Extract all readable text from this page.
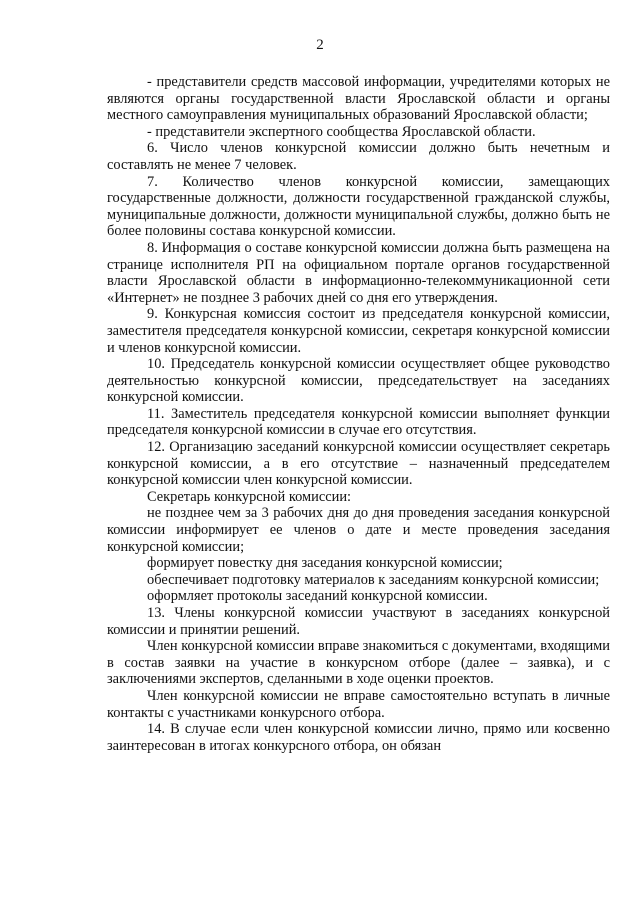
2

- представители средств массовой информации, учредителями которых не являются органы государственной власти Ярославской области и органы местного самоуправления муниципальных образований Ярославской области;

- представители экспертного сообщества Ярославской области.

6. Число членов конкурсной комиссии должно быть нечетным и составлять не менее 7 человек.

7. Количество членов конкурсной комиссии, замещающих государственные должности, должности государственной гражданской службы, муниципальные должности, должности муниципальной службы, должно быть не более половины состава конкурсной комиссии.

8. Информация о составе конкурсной комиссии должна быть размещена на странице исполнителя РП на официальном портале органов государственной власти Ярославской области в информационно-телекоммуникационной сети «Интернет» не позднее 3 рабочих дней со дня его утверждения.

9. Конкурсная комиссия состоит из председателя конкурсной комиссии, заместителя председателя конкурсной комиссии, секретаря конкурсной комиссии и членов конкурсной комиссии.

10. Председатель конкурсной комиссии осуществляет общее руководство деятельностью конкурсной комиссии, председательствует на заседаниях конкурсной комиссии.

11. Заместитель председателя конкурсной комиссии выполняет функции председателя конкурсной комиссии в случае его отсутствия.

12. Организацию заседаний конкурсной комиссии осуществляет секретарь конкурсной комиссии, а в его отсутствие – назначенный председателем конкурсной комиссии член конкурсной комиссии.

Секретарь конкурсной комиссии:

не позднее чем за 3 рабочих дня до дня проведения заседания конкурсной комиссии информирует ее членов о дате и месте проведения заседания конкурсной комиссии;

формирует повестку дня заседания конкурсной комиссии;

обеспечивает подготовку материалов к заседаниям конкурсной комиссии;

оформляет протоколы заседаний конкурсной комиссии.

13. Члены конкурсной комиссии участвуют в заседаниях конкурсной комиссии и принятии решений.

Член конкурсной комиссии вправе знакомиться с документами, входящими в состав заявки на участие в конкурсном отборе (далее – заявка), и с заключениями экспертов, сделанными в ходе оценки проектов.

Член конкурсной комиссии не вправе самостоятельно вступать в личные контакты с участниками конкурсного отбора.

14. В случае если член конкурсной комиссии лично, прямо или косвенно заинтересован в итогах конкурсного отбора, он обязан
